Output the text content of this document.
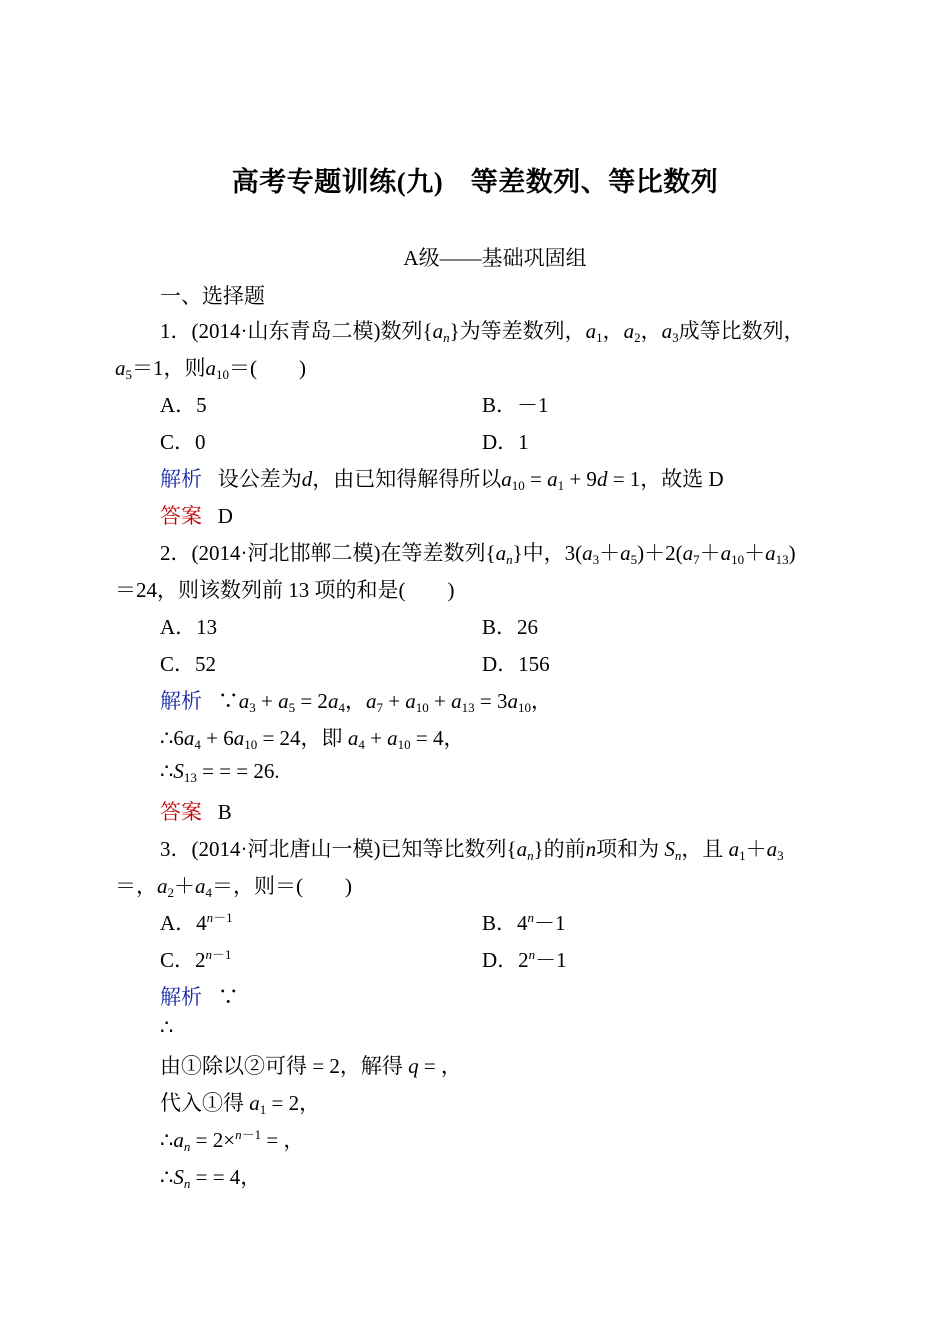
高考专题训练(九)　等差数列、等比数列
A级——基础巩固组
一、选择题
1．(2014·山东青岛二模)数列$\{a_n\}$为等差数列，$a_1$，$a_2$，$a_3$成等比数列，
$a_5=1$，则$a_{10}=$(　　)
A．5	B．－1
C．0	D．1
解析 设公差为d，由已知得解得所以$a_{10} = a_1 + 9d = 1$，故选 D
答案 D
2．(2014·河北邯郸二模)在等差数列$\{a_n\}$中，$3(a_3+a_5)+2(a_7+a_{10}+a_{13})$
＝24，则该数列前 13 项的和是(　　)
A．13	B．26
C．52	D．156
解析 $\because a_3 + a_5 = 2a_4$，$a_7 + a_{10} + a_{13} = 3a_{10}$，
$\therefore 6a_4 + 6a_{10} = 24$，即 $a_4 + a_{10} = 4$，
$\therefore S_{13}$ = = = 26.
答案 B
3．(2014·河北唐山一模)已知等比数列$\{a_n\}$的前n项和为 $S_n$，且 $a_1+a_3$
＝，$a_2+a_4=$，则＝(　　)
A．$4^{n-1}$	B．$4^n-1$
C．$2^{n-1}$	D．$2^n-1$
解析 ∵
∴
由①除以②可得 = 2，解得 q = ，
代入①得 $a_1 = 2$，
$\therefore a_n = 2\times^{n-1}$ = ，
$\therefore S_n$ = = 4，
